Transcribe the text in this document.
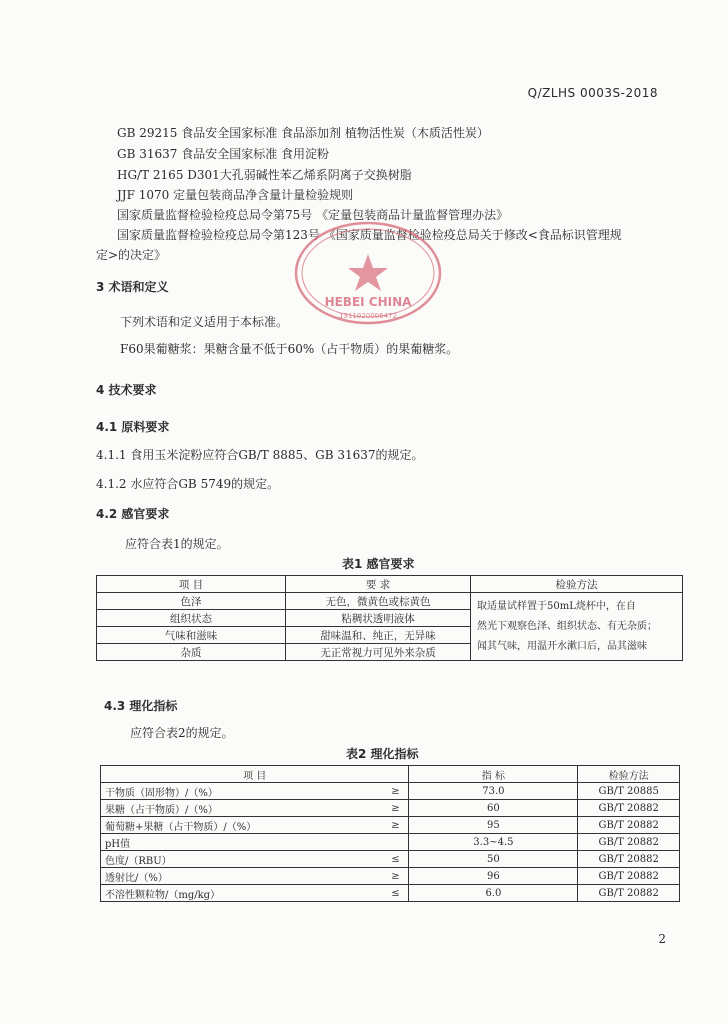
Q/ZLHS 0003S-2018
GB 29215 食品安全国家标准 食品添加剂 植物活性炭（木质活性炭）
GB 31637 食品安全国家标准 食用淀粉
HG/T 2165 D301大孔弱碱性苯乙烯系阴离子交换树脂
JJF 1070 定量包装商品净含量计量检验规则
国家质量监督检验检疫总局令第75号 《定量包装商品计量监督管理办法》
国家质量监督检验检疫总局令第123号 《国家质量监督检验检疫总局关于修改<食品标识管理规
定>的决定》
HEBEI CHINA
1311020006472
3 术语和定义
下列术语和定义适用于本标准。
F60果葡糖浆：果糖含量不低于60%（占干物质）的果葡糖浆。
4 技术要求
4.1 原料要求
4.1.1 食用玉米淀粉应符合GB/T 8885、GB 31637的规定。
4.1.2 水应符合GB 5749的规定。
4.2 感官要求
应符合表1的规定。
表1 感官要求
项 目	要 求	检验方法
色泽	无色，微黄色或棕黄色	取适量试样置于50mL烧杯中，在自
然光下观察色泽、组织状态、有无杂质；
闻其气味，用温开水漱口后，品其滋味

组织状态	粘稠状透明液体	
气味和滋味	甜味温和、纯正，无异味	
杂质	无正常视力可见外来杂质	
4.3 理化指标
应符合表2的规定。
表2 理化指标
项 目		指 标	检验方法
干物质（固形物）/（%）	≥	73.0	GB/T 20885
果糖（占干物质）/（%）	≥	60	GB/T 20882
葡萄糖+果糖（占干物质）/（%）	≥	95	GB/T 20882
pH值		3.3~4.5	GB/T 20882
色度/（RBU）	≤	50	GB/T 20882
透射比/（%）	≥	96	GB/T 20882
不溶性颗粒物/（mg/kg）	≤	6.0	GB/T 20882
2
